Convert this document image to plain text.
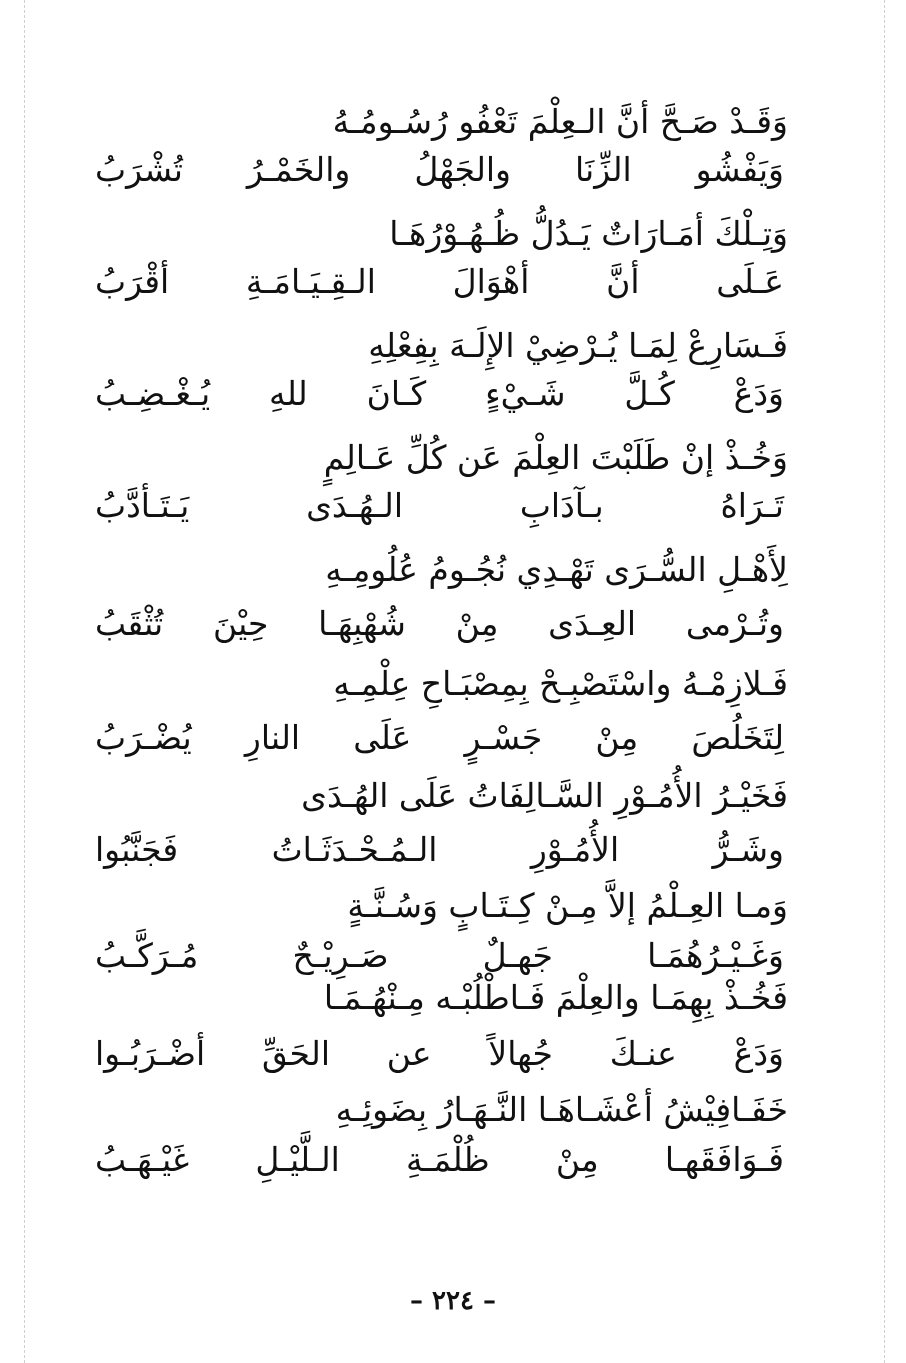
وَقَـدْ صَـحَّ أنَّ الـعِلْمَ تَعْفُو رُسُـومُـهُ
وَيَفْشُو الزِّنَا والجَهْلُ والخَمْـرُ تُشْرَبُ
وَتِـلْكَ أمَـارَاتٌ يَـدُلُّ ظُـهُـوْرُهَـا
عَـلَى أنَّ أهْوَالَ الـقِـيَـامَـةِ أقْرَبُ
فَـسَارِعْ لِمَـا يُـرْضِيْ الإِلَـهَ بِفِعْلِهِ
وَدَعْ كُـلَّ شَـيْءٍ كَـانَ للهِ يُـغْـضِـبُ
وَخُـذْ إنْ طَلَبْتَ العِلْمَ عَن كُلِّ عَـالِمٍ
تَـرَاهُ بـآدَابِ الـهُـدَى يَـتَـأدَّبُ
لِأَهْـلِ السُّـرَى تَهْـدِي نُجُـومُ عُلُومِـهِ
وتُـرْمى العِـدَى مِنْ شُهْبِهَـا حِيْنَ تُثْقَبُ
فَـلازِمْـهُ واسْتَصْبِـحْ بِمِصْبَـاحِ عِلْمِـهِ
لِتَخَلُصَ مِنْ جَسْـرٍ عَلَى النارِ يُضْـرَبُ
فَخَيْـرُ الأُمُـوْرِ السَّـالِفَاتُ عَلَى الهُـدَى
وشَـرُّ الأُمُـوْرِ الـمُـحْـدَثَـاتُ فَجَنَّبُوا
وَمـا العِـلْمُ إلاَّ مِـنْ كِـتَـابٍ وَسُـنَّـةٍ
وَغَـيْـرُهُمَـا جَهـلٌ صَـرِيْـحٌ مُـرَكَّـبُ
فَخُـذْ بِهِمَـا والعِلْمَ فَـاطْلُبْـه مِـنْهُـمَـا
وَدَعْ عنـكَ جُهالاً عن الحَقِّ أضْـرَبُـوا
خَفَـافِيْشُ أعْشَـاهَـا النَّـهَـارُ بِضَوئِـهِ
فَـوَافَقَهـا مِنْ ظُلْمَـةِ الـلَّيْـلِ غَيْـهَـبُ
– ٢٢٤ –
